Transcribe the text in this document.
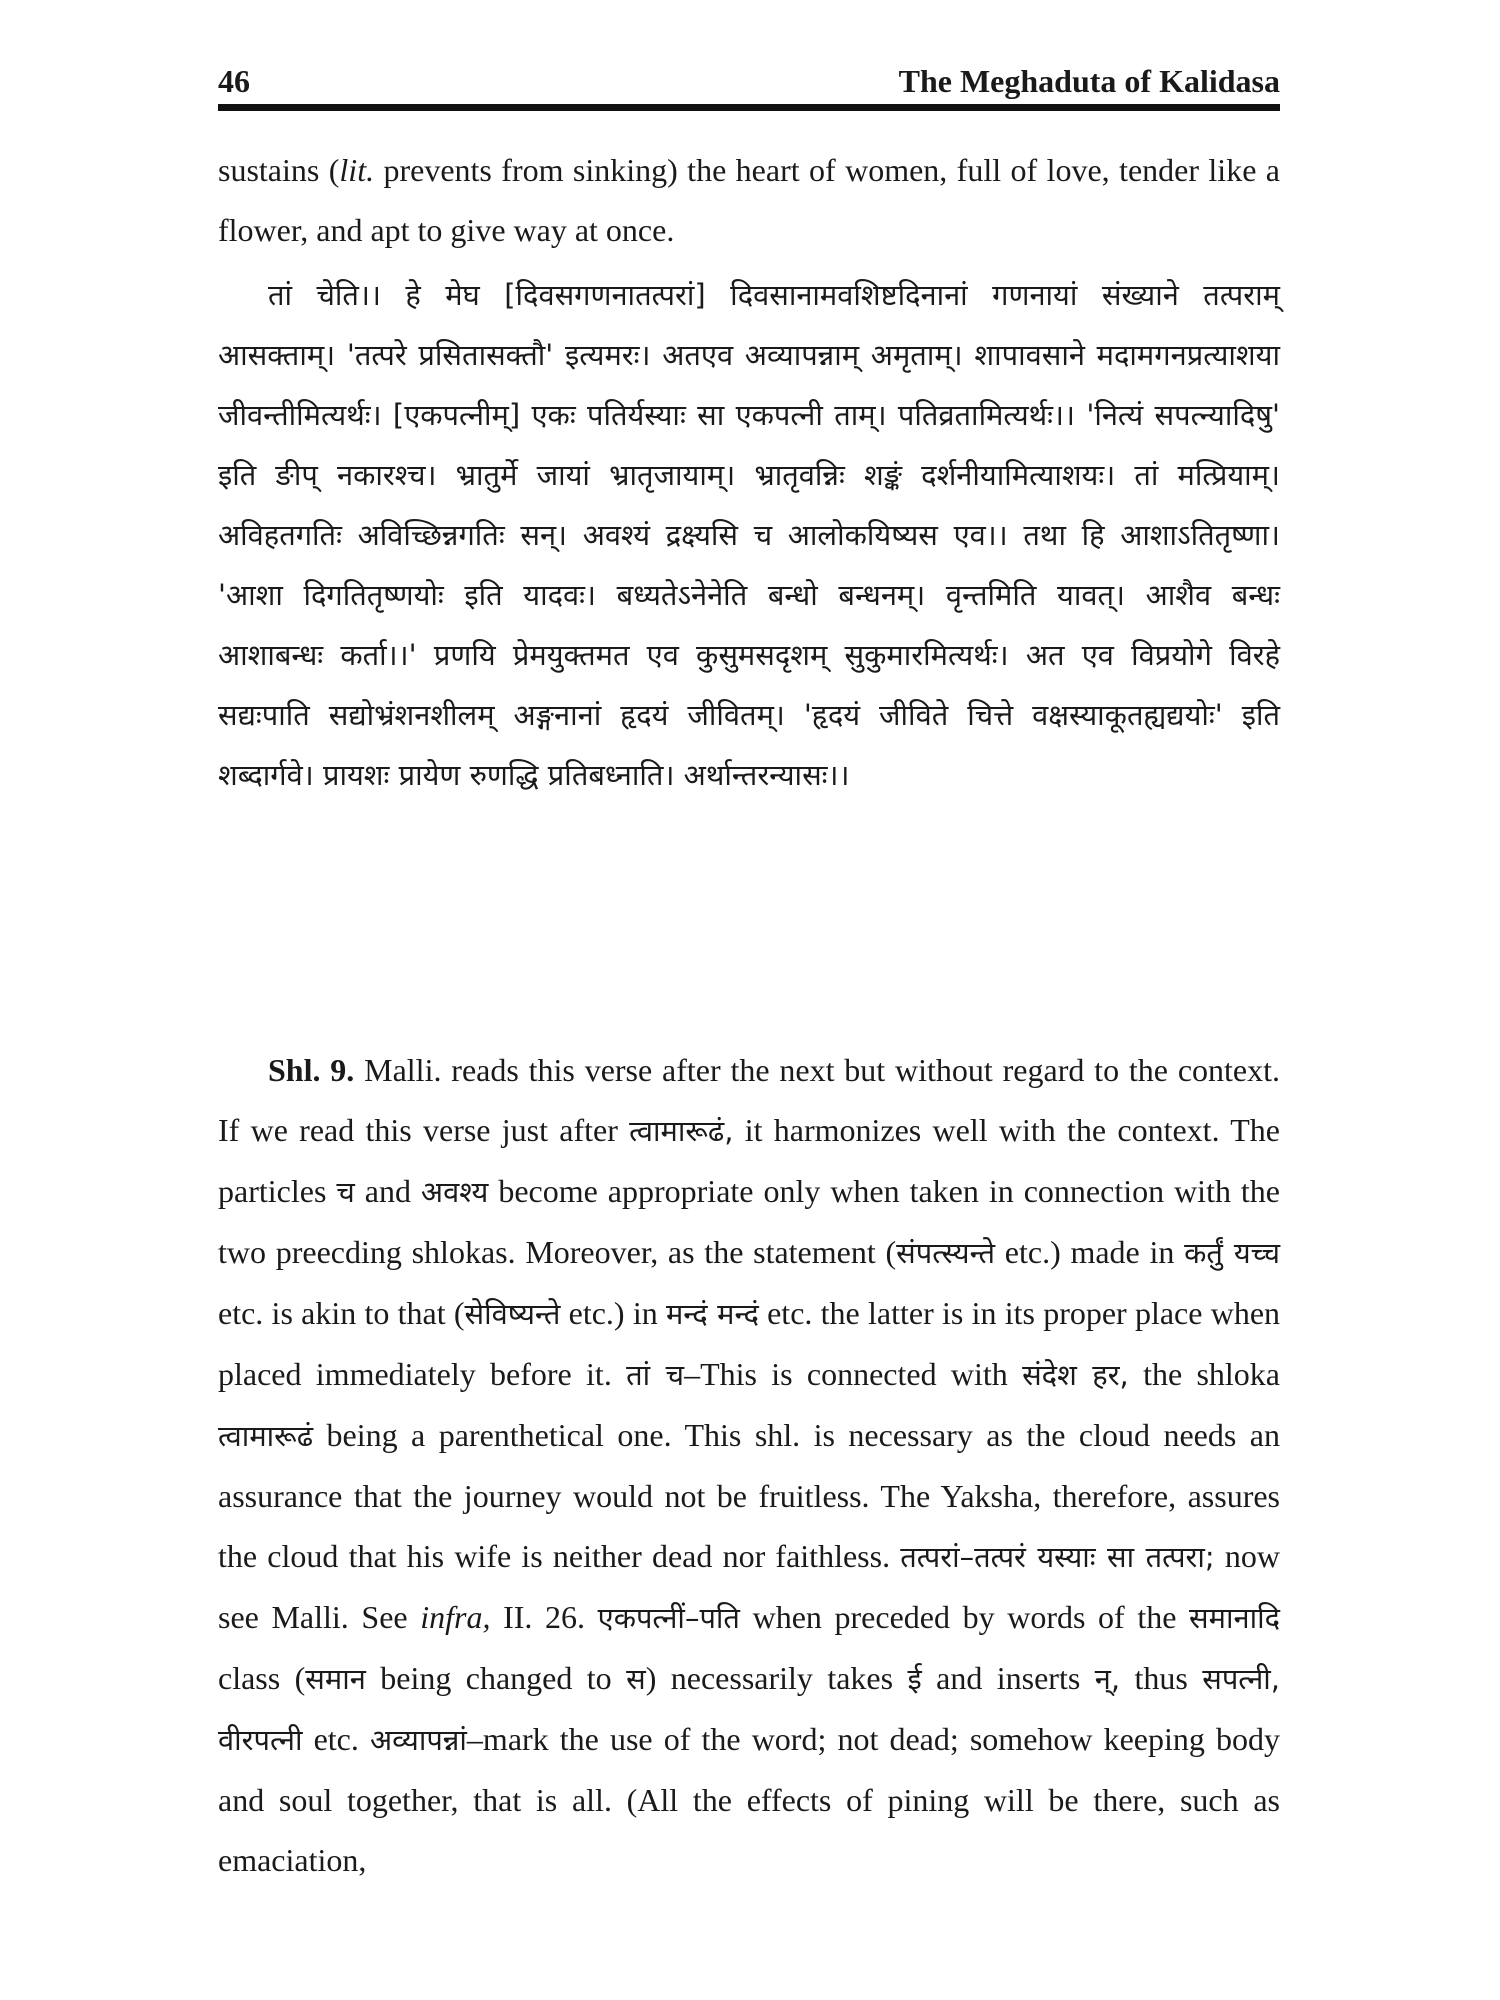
46	The Meghaduta of Kalidasa

sustains (lit. prevents from sinking) the heart of women, full of love, tender like a flower, and apt to give way at once.

तां चेति।। हे मेघ [दिवसगणनातत्परां] दिवसानामवशिष्टदिनानां गणनायां संख्याने तत्पराम् आसक्ताम्। 'तत्परे प्रसितासक्तौ' इत्यमरः। अतएव अव्यापन्नाम् अमृताम्। शापावसाने मदामगनप्रत्याशया जीवन्तीमित्यर्थः। [एकपत्नीम्] एकः पतिर्यस्याः सा एकपत्नी ताम्। पतिव्रतामित्यर्थः।। 'नित्यं सपत्न्यादिषु' इति ङीप् नकारश्च। भ्रातुर्मे जायां भ्रातृजायाम्। भ्रातृवन्निः शङ्कं दर्शनीयामित्याशयः। तां मत्प्रियाम्। अविहतगतिः अविच्छिन्नगतिः सन्। अवश्यं द्रक्ष्यसि च आलोकयिष्यस एव।। तथा हि आशाऽतितृष्णा। 'आशा दिगतितृष्णयोः इति यादवः। बध्यतेऽनेनेति बन्धो बन्धनम्। वृन्तमिति यावत्। आशैव बन्धः आशाबन्धः कर्ता।।' प्रणयि प्रेमयुक्तमत एव कुसुमसदृशम् सुकुमारमित्यर्थः। अत एव विप्रयोगे विरहे सद्यःपाति सद्योभ्रंशनशीलम् अङ्गनानां हृदयं जीवितम्। 'हृदयं जीविते चित्ते वक्षस्याकूतह्यद्ययोः' इति शब्दार्गवे। प्रायशः प्रायेण रुणद्धि प्रतिबध्नाति। अर्थान्तरन्यासः।।

Shl. 9. Malli. reads this verse after the next but without regard to the context. If we read this verse just after त्वामारूढं, it harmonizes well with the context. The particles च and अवश्य become appropriate only when taken in connection with the two preecding shlokas. Moreover, as the statement (संपत्स्यन्ते etc.) made in कर्तुं यच्च etc. is akin to that (सेविष्यन्ते etc.) in मन्दं मन्दं etc. the latter is in its proper place when placed immediately before it. तां च–This is connected with संदेश हर, the shloka त्वामारूढं being a parenthetical one. This shl. is necessary as the cloud needs an assurance that the journey would not be fruitless. The Yaksha, therefore, assures the cloud that his wife is neither dead nor faithless. तत्परां–तत्परं यस्याः सा तत्परा; now see Malli. See infra, II. 26. एकपत्नीं–पति when preceded by words of the समानादि class (समान being changed to स) necessarily takes ई and inserts न्, thus सपत्नी, वीरपत्नी etc. अव्यापन्नां–mark the use of the word; not dead; somehow keeping body and soul together, that is all. (All the effects of pining will be there, such as emaciation,
